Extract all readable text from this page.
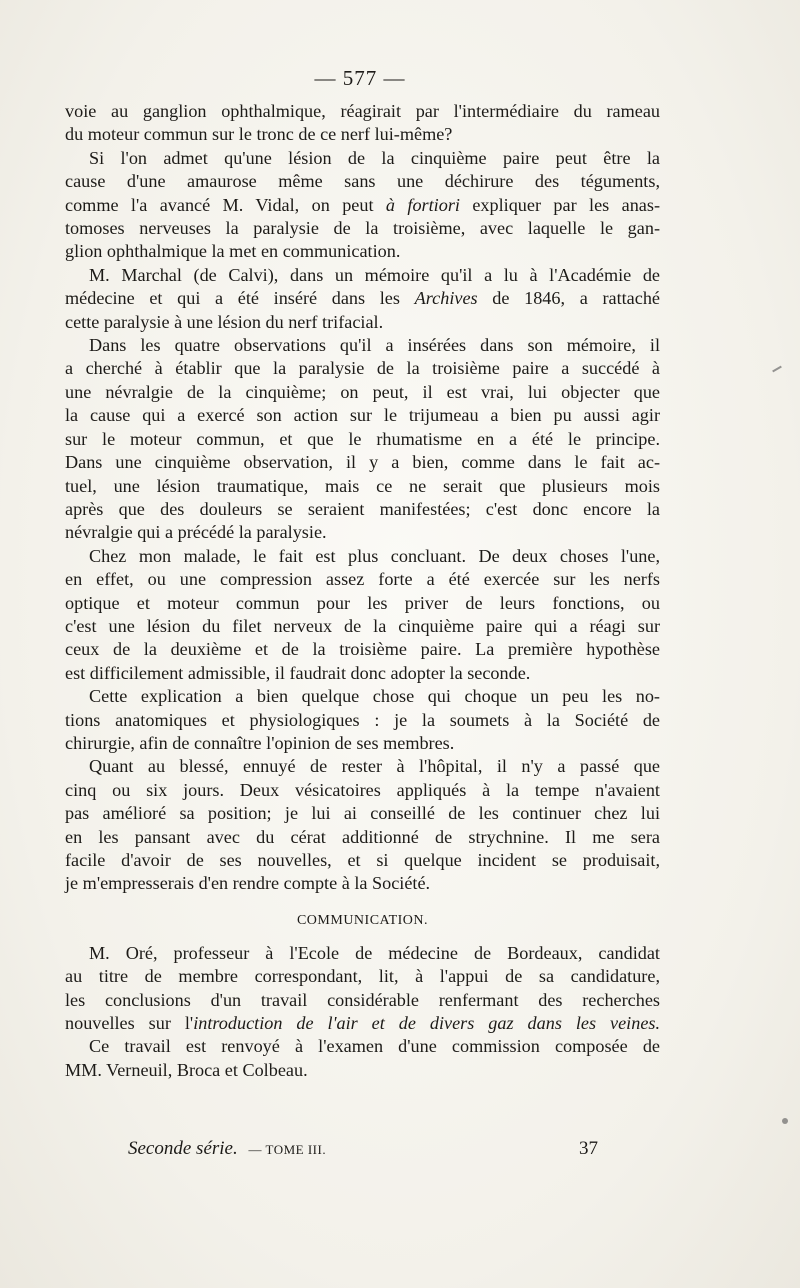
— 577 —
voie au ganglion ophthalmique, réagirait par l'intermédiaire du rameau
du moteur commun sur le tronc de ce nerf lui-même?
Si l'on admet qu'une lésion de la cinquième paire peut être la
cause d'une amaurose même sans une déchirure des téguments,
comme l'a avancé M. Vidal, on peut à fortiori expliquer par les anas-
tomoses nerveuses la paralysie de la troisième, avec laquelle le gan-
glion ophthalmique la met en communication.
M. Marchal (de Calvi), dans un mémoire qu'il a lu à l'Académie de
médecine et qui a été inséré dans les Archives de 1846, a rattaché
cette paralysie à une lésion du nerf trifacial.
Dans les quatre observations qu'il a insérées dans son mémoire, il
a cherché à établir que la paralysie de la troisième paire a succédé à
une névralgie de la cinquième; on peut, il est vrai, lui objecter que
la cause qui a exercé son action sur le trijumeau a bien pu aussi agir
sur le moteur commun, et que le rhumatisme en a été le principe.
Dans une cinquième observation, il y a bien, comme dans le fait ac-
tuel, une lésion traumatique, mais ce ne serait que plusieurs mois
après que des douleurs se seraient manifestées; c'est donc encore la
névralgie qui a précédé la paralysie.
Chez mon malade, le fait est plus concluant. De deux choses l'une,
en effet, ou une compression assez forte a été exercée sur les nerfs
optique et moteur commun pour les priver de leurs fonctions, ou
c'est une lésion du filet nerveux de la cinquième paire qui a réagi sur
ceux de la deuxième et de la troisième paire. La première hypothèse
est difficilement admissible, il faudrait donc adopter la seconde.
Cette explication a bien quelque chose qui choque un peu les no-
tions anatomiques et physiologiques : je la soumets à la Société de
chirurgie, afin de connaître l'opinion de ses membres.
Quant au blessé, ennuyé de rester à l'hôpital, il n'y a passé que
cinq ou six jours. Deux vésicatoires appliqués à la tempe n'avaient
pas amélioré sa position; je lui ai conseillé de les continuer chez lui
en les pansant avec du cérat additionné de strychnine. Il me sera
facile d'avoir de ses nouvelles, et si quelque incident se produisait,
je m'empresserais d'en rendre compte à la Société.
COMMUNICATION.
M. Oré, professeur à l'Ecole de médecine de Bordeaux, candidat
au titre de membre correspondant, lit, à l'appui de sa candidature,
les conclusions d'un travail considérable renfermant des recherches
nouvelles sur l'introduction de l'air et de divers gaz dans les veines.
Ce travail est renvoyé à l'examen d'une commission composée de
MM. Verneuil, Broca et Colbeau.
Seconde série. — TOME III.	37
